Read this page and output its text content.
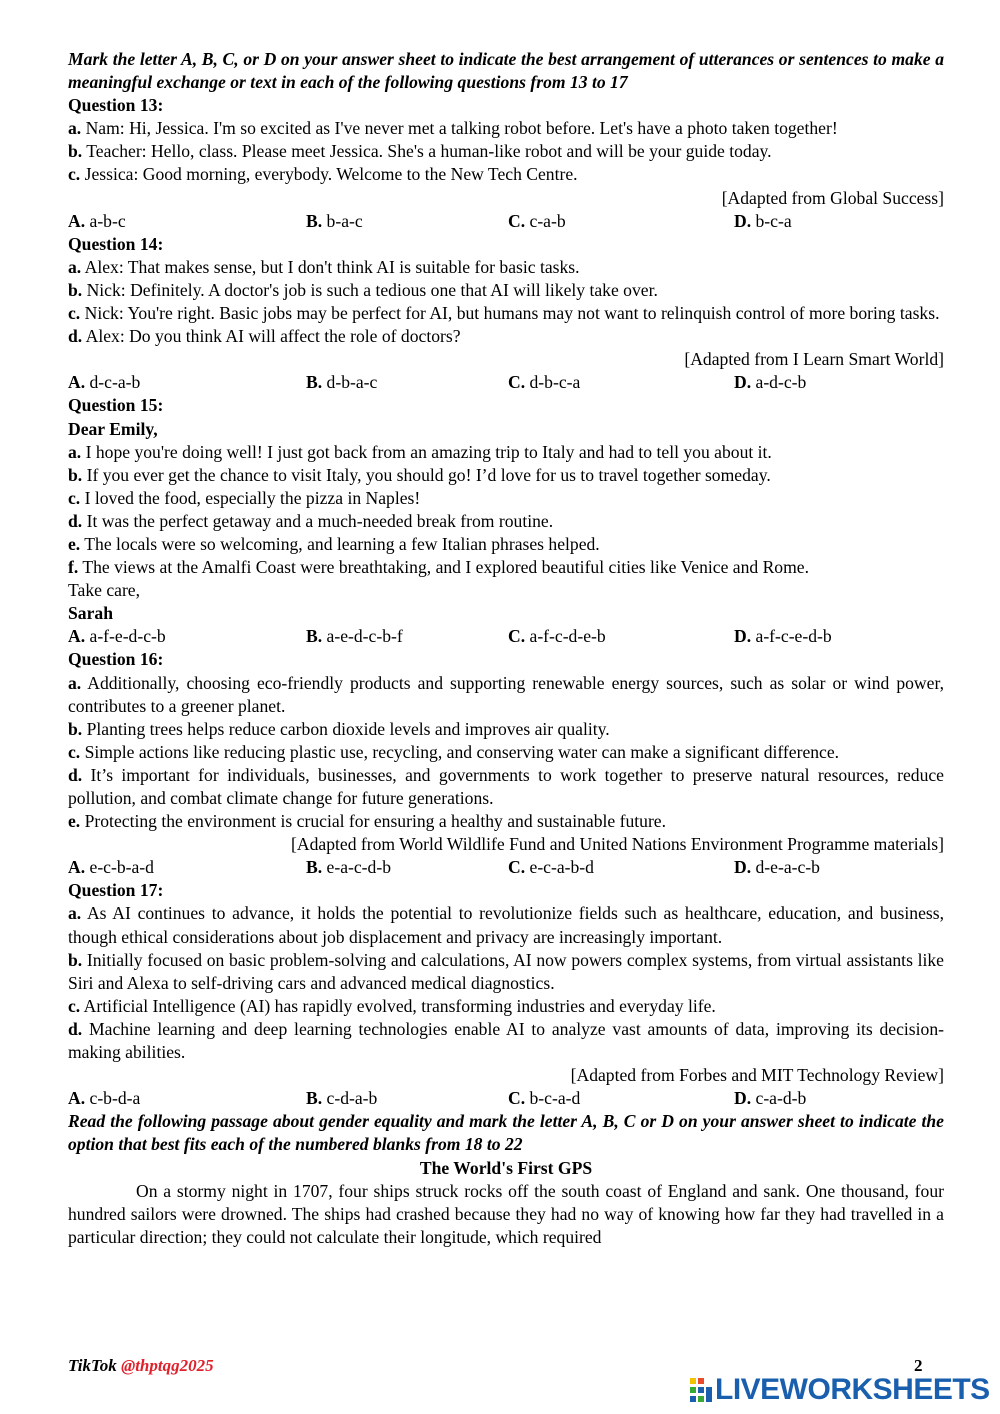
Mark the letter A, B, C, or D on your answer sheet to indicate the best arrangement of utterances or sentences to make a meaningful exchange or text in each of the following questions from 13 to 17

Question 13:

a. Nam: Hi, Jessica. I'm so excited as I've never met a talking robot before. Let's have a photo taken together!

b. Teacher: Hello, class. Please meet Jessica. She's a human-like robot and will be your guide today.

c. Jessica: Good morning, everybody. Welcome to the New Tech Centre.

[Adapted from Global Success]

A. a-b-c	B. b-a-c	C. c-a-b	D. b-c-a

Question 14:

a. Alex: That makes sense, but I don't think AI is suitable for basic tasks.

b. Nick: Definitely. A doctor's job is such a tedious one that AI will likely take over.

c. Nick: You're right. Basic jobs may be perfect for AI, but humans may not want to relinquish control of more boring tasks.

d. Alex: Do you think AI will affect the role of doctors?

[Adapted from I Learn Smart World]

A. d-c-a-b	B. d-b-a-c	C. d-b-c-a	D. a-d-c-b

Question 15:

Dear Emily,

a. I hope you're doing well! I just got back from an amazing trip to Italy and had to tell you about it.

b. If you ever get the chance to visit Italy, you should go! I’d love for us to travel together someday.

c. I loved the food, especially the pizza in Naples!

d. It was the perfect getaway and a much-needed break from routine.

e. The locals were so welcoming, and learning a few Italian phrases helped.

f. The views at the Amalfi Coast were breathtaking, and I explored beautiful cities like Venice and Rome.

Take care,

Sarah

A. a-f-e-d-c-b	B. a-e-d-c-b-f	C. a-f-c-d-e-b	D. a-f-c-e-d-b

Question 16:

a. Additionally, choosing eco-friendly products and supporting renewable energy sources, such as solar or wind power, contributes to a greener planet.

b. Planting trees helps reduce carbon dioxide levels and improves air quality.

c. Simple actions like reducing plastic use, recycling, and conserving water can make a significant difference.

d. It’s important for individuals, businesses, and governments to work together to preserve natural resources, reduce pollution, and combat climate change for future generations.

e. Protecting the environment is crucial for ensuring a healthy and sustainable future.

[Adapted from World Wildlife Fund and United Nations Environment Programme materials]

A. e-c-b-a-d	B. e-a-c-d-b	C. e-c-a-b-d	D. d-e-a-c-b

Question 17:

a. As AI continues to advance, it holds the potential to revolutionize fields such as healthcare, education, and business, though ethical considerations about job displacement and privacy are increasingly important.

b. Initially focused on basic problem-solving and calculations, AI now powers complex systems, from virtual assistants like Siri and Alexa to self-driving cars and advanced medical diagnostics.

c. Artificial Intelligence (AI) has rapidly evolved, transforming industries and everyday life.

d. Machine learning and deep learning technologies enable AI to analyze vast amounts of data, improving its decision-making abilities.

[Adapted from Forbes and MIT Technology Review]

A. c-b-d-a	B. c-d-a-b	C. b-c-a-d	D. c-a-d-b

Read the following passage about gender equality and mark the letter A, B, C or D on your answer sheet to indicate the option that best fits each of the numbered blanks from 18 to 22

The World's First GPS

On a stormy night in 1707, four ships struck rocks off the south coast of England and sank. One thousand, four hundred sailors were drowned. The ships had crashed because they had no way of knowing how far they had travelled in a particular direction; they could not calculate their longitude, which required

TikTok @thptqg2025	2
LIVEWORKSHEETS
